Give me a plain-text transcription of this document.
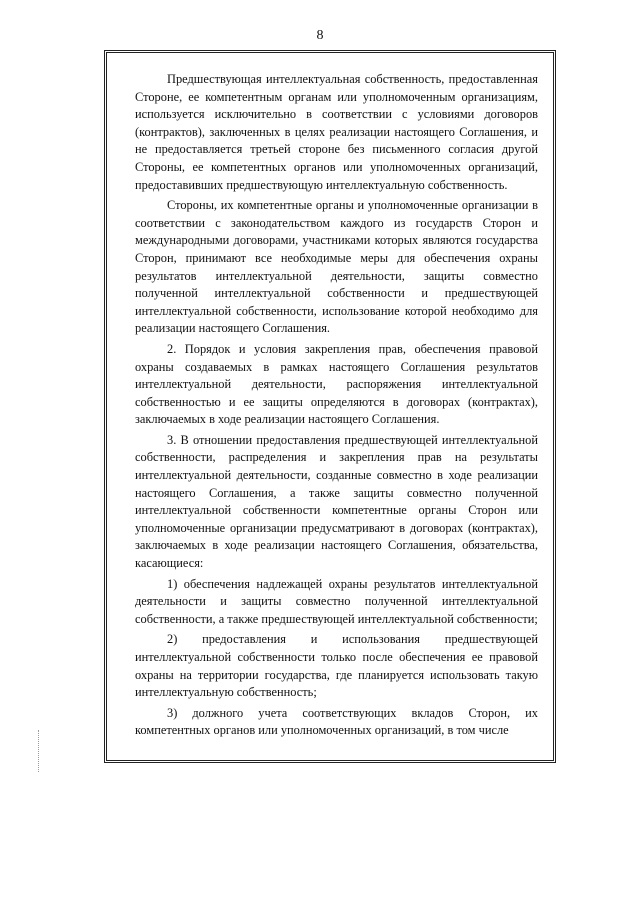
8

Предшествующая интеллектуальная собственность, предоставленная Стороне, ее компетентным органам или уполномоченным организациям, используется исключительно в соответствии с условиями договоров (контрактов), заключенных в целях реализации настоящего Соглашения, и не предоставляется третьей стороне без письменного согласия другой Стороны, ее компетентных органов или уполномоченных организаций, предоставивших предшествующую интеллектуальную собственность.

Стороны, их компетентные органы и уполномоченные организации в соответствии с законодательством каждого из государств Сторон и международными договорами, участниками которых являются государства Сторон, принимают все необходимые меры для обеспечения охраны результатов интеллектуальной деятельности, защиты совместно полученной интеллектуальной собственности и предшествующей интеллектуальной собственности, использование которой необходимо для реализации настоящего Соглашения.

2. Порядок и условия закрепления прав, обеспечения правовой охраны создаваемых в рамках настоящего Соглашения результатов интеллектуальной деятельности, распоряжения интеллектуальной собственностью и ее защиты определяются в договорах (контрактах), заключаемых в ходе реализации настоящего Соглашения.

3. В отношении предоставления предшествующей интеллектуальной собственности, распределения и закрепления прав на результаты интеллектуальной деятельности, созданные совместно в ходе реализации настоящего Соглашения, а также защиты совместно полученной интеллектуальной собственности компетентные органы Сторон или уполномоченные организации предусматривают в договорах (контрактах), заключаемых в ходе реализации настоящего Соглашения, обязательства, касающиеся:

1) обеспечения надлежащей охраны результатов интеллектуальной деятельности и защиты совместно полученной интеллектуальной собственности, а также предшествующей интеллектуальной собственности;

2) предоставления и использования предшествующей интеллектуальной собственности только после обеспечения ее правовой охраны на территории государства, где планируется использовать такую интеллектуальную собственность;

3) должного учета соответствующих вкладов Сторон, их компетентных органов или уполномоченных организаций, в том числе
